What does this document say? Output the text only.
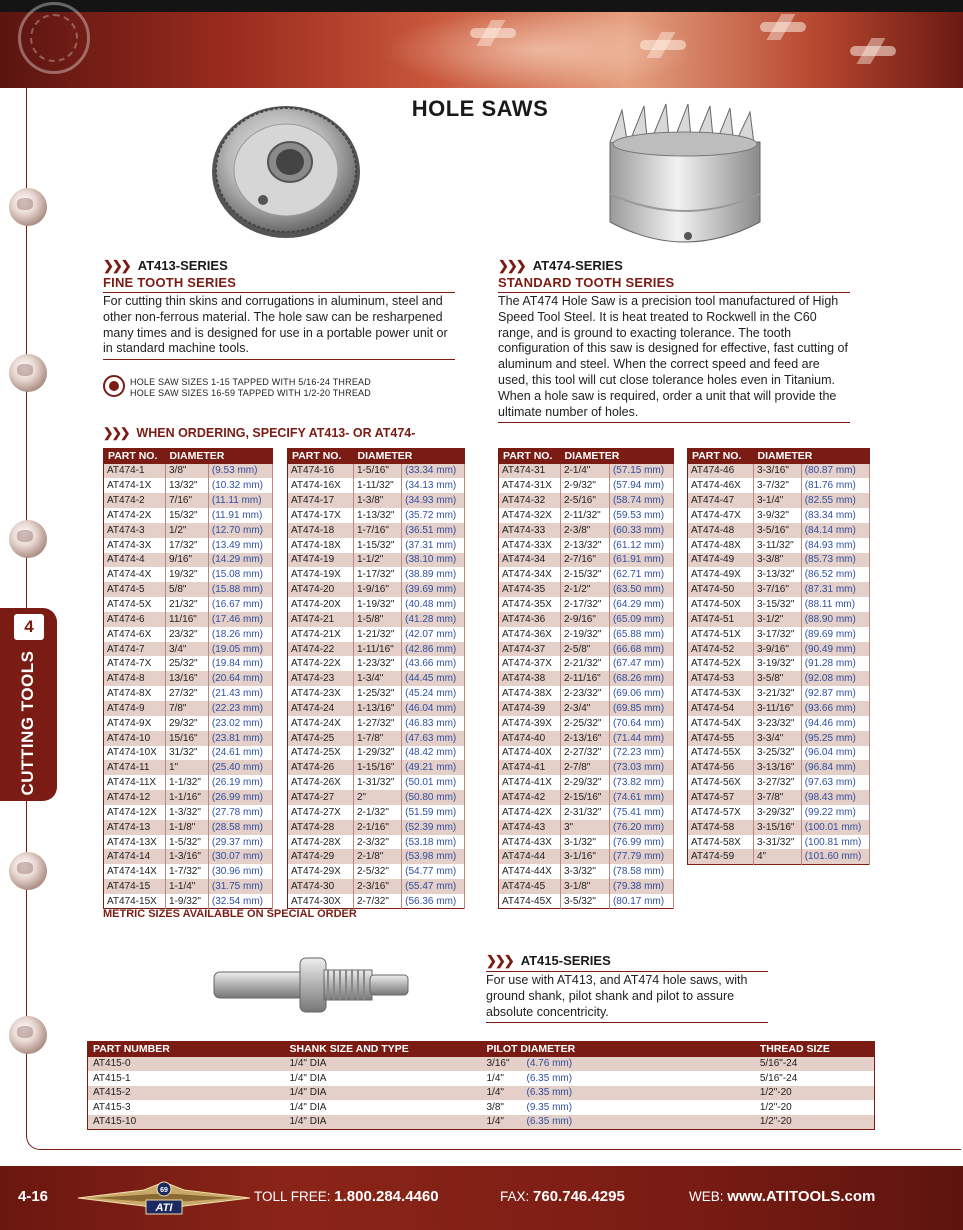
4
CUTTING TOOLS
HOLE SAWS
❯❯❯ AT413-SERIES
FINE TOOTH SERIES
For cutting thin skins and corrugations in aluminum, steel and other non-ferrous material. The hole saw can be resharpened many times and is designed for use in a portable power unit or in standard machine tools.
HOLE SAW SIZES 1-15 TAPPED WITH 5/16-24 THREAD
HOLE SAW SIZES 16-59 TAPPED WITH 1/2-20 THREAD
❯❯❯ AT474-SERIES
STANDARD TOOTH SERIES
The AT474 Hole Saw is a precision tool manufactured of High Speed Tool Steel. It is heat treated to Rockwell in the C60 range, and is ground to exacting tolerance. The tooth configuration of this saw is designed for effective, fast cutting of aluminum and steel. When the correct speed and feed are used, this tool will cut close tolerance holes even in Titanium. When a hole saw is required, order a unit that will provide the ultimate number of holes.
❯❯❯ WHEN ORDERING, SPECIFY AT413- OR AT474-
PART NO.	DIAMETER	
AT474-1	3/8"	(9.53 mm)
AT474-1X	13/32"	(10.32 mm)
AT474-2	7/16"	(11.11 mm)
AT474-2X	15/32"	(11.91 mm)
AT474-3	1/2"	(12.70 mm)
AT474-3X	17/32"	(13.49 mm)
AT474-4	9/16"	(14.29 mm)
AT474-4X	19/32"	(15.08 mm)
AT474-5	5/8"	(15.88 mm)
AT474-5X	21/32"	(16.67 mm)
AT474-6	11/16"	(17.46 mm)
AT474-6X	23/32"	(18.26 mm)
AT474-7	3/4"	(19.05 mm)
AT474-7X	25/32"	(19.84 mm)
AT474-8	13/16"	(20.64 mm)
AT474-8X	27/32"	(21.43 mm)
AT474-9	7/8"	(22.23 mm)
AT474-9X	29/32"	(23.02 mm)
AT474-10	15/16"	(23.81 mm)
AT474-10X	31/32"	(24.61 mm)
AT474-11	1"	(25.40 mm)
AT474-11X	1-1/32"	(26.19 mm)
AT474-12	1-1/16"	(26.99 mm)
AT474-12X	1-3/32"	(27.78 mm)
AT474-13	1-1/8"	(28.58 mm)
AT474-13X	1-5/32"	(29.37 mm)
AT474-14	1-3/16"	(30.07 mm)
AT474-14X	1-7/32"	(30.96 mm)
AT474-15	1-1/4"	(31.75 mm)
AT474-15X	1-9/32"	(32.54 mm)
PART NO.	DIAMETER	
AT474-16	1-5/16"	(33.34 mm)
AT474-16X	1-11/32"	(34.13 mm)
AT474-17	1-3/8"	(34.93 mm)
AT474-17X	1-13/32"	(35.72 mm)
AT474-18	1-7/16"	(36.51 mm)
AT474-18X	1-15/32"	(37.31 mm)
AT474-19	1-1/2"	(38.10 mm)
AT474-19X	1-17/32"	(38.89 mm)
AT474-20	1-9/16"	(39.69 mm)
AT474-20X	1-19/32"	(40.48 mm)
AT474-21	1-5/8"	(41.28 mm)
AT474-21X	1-21/32"	(42.07 mm)
AT474-22	1-11/16"	(42.86 mm)
AT474-22X	1-23/32"	(43.66 mm)
AT474-23	1-3/4"	(44.45 mm)
AT474-23X	1-25/32"	(45.24 mm)
AT474-24	1-13/16"	(46.04 mm)
AT474-24X	1-27/32"	(46.83 mm)
AT474-25	1-7/8"	(47.63 mm)
AT474-25X	1-29/32"	(48.42 mm)
AT474-26	1-15/16"	(49.21 mm)
AT474-26X	1-31/32"	(50.01 mm)
AT474-27	2"	(50.80 mm)
AT474-27X	2-1/32"	(51.59 mm)
AT474-28	2-1/16"	(52.39 mm)
AT474-28X	2-3/32"	(53.18 mm)
AT474-29	2-1/8"	(53.98 mm)
AT474-29X	2-5/32"	(54.77 mm)
AT474-30	2-3/16"	(55.47 mm)
AT474-30X	2-7/32"	(56.36 mm)
PART NO.	DIAMETER	
AT474-31	2-1/4"	(57.15 mm)
AT474-31X	2-9/32"	(57.94 mm)
AT474-32	2-5/16"	(58.74 mm)
AT474-32X	2-11/32"	(59.53 mm)
AT474-33	2-3/8"	(60.33 mm)
AT474-33X	2-13/32"	(61.12 mm)
AT474-34	2-7/16"	(61.91 mm)
AT474-34X	2-15/32"	(62.71 mm)
AT474-35	2-1/2"	(63.50 mm)
AT474-35X	2-17/32"	(64.29 mm)
AT474-36	2-9/16"	(65.09 mm)
AT474-36X	2-19/32"	(65.88 mm)
AT474-37	2-5/8"	(66.68 mm)
AT474-37X	2-21/32"	(67.47 mm)
AT474-38	2-11/16"	(68.26 mm)
AT474-38X	2-23/32"	(69.06 mm)
AT474-39	2-3/4"	(69.85 mm)
AT474-39X	2-25/32"	(70.64 mm)
AT474-40	2-13/16"	(71.44 mm)
AT474-40X	2-27/32"	(72.23 mm)
AT474-41	2-7/8"	(73.03 mm)
AT474-41X	2-29/32"	(73.82 mm)
AT474-42	2-15/16"	(74.61 mm)
AT474-42X	2-31/32"	(75.41 mm)
AT474-43	3"	(76.20 mm)
AT474-43X	3-1/32"	(76.99 mm)
AT474-44	3-1/16"	(77.79 mm)
AT474-44X	3-3/32"	(78.58 mm)
AT474-45	3-1/8"	(79.38 mm)
AT474-45X	3-5/32"	(80.17 mm)
PART NO.	DIAMETER	
AT474-46	3-3/16"	(80.87 mm)
AT474-46X	3-7/32"	(81.76 mm)
AT474-47	3-1/4"	(82.55 mm)
AT474-47X	3-9/32"	(83.34 mm)
AT474-48	3-5/16"	(84.14 mm)
AT474-48X	3-11/32"	(84.93 mm)
AT474-49	3-3/8"	(85.73 mm)
AT474-49X	3-13/32"	(86.52 mm)
AT474-50	3-7/16"	(87.31 mm)
AT474-50X	3-15/32"	(88.11 mm)
AT474-51	3-1/2"	(88.90 mm)
AT474-51X	3-17/32"	(89.69 mm)
AT474-52	3-9/16"	(90.49 mm)
AT474-52X	3-19/32"	(91.28 mm)
AT474-53	3-5/8"	(92.08 mm)
AT474-53X	3-21/32"	(92.87 mm)
AT474-54	3-11/16"	(93.66 mm)
AT474-54X	3-23/32"	(94.46 mm)
AT474-55	3-3/4"	(95.25 mm)
AT474-55X	3-25/32"	(96.04 mm)
AT474-56	3-13/16"	(96.84 mm)
AT474-56X	3-27/32"	(97.63 mm)
AT474-57	3-7/8"	(98.43 mm)
AT474-57X	3-29/32"	(99.22 mm)
AT474-58	3-15/16"	(100.01 mm)
AT474-58X	3-31/32"	(100.81 mm)
AT474-59	4"	(101.60 mm)
METRIC SIZES AVAILABLE ON SPECIAL ORDER
❯❯❯ AT415-SERIES
For use with AT413, and AT474 hole saws, with ground shank, pilot shank and pilot to assure absolute concentricity.
PART NUMBER	SHANK SIZE AND TYPE	PILOT DIAMETER		THREAD SIZE
AT415-0	1/4" DIA	3/16"	(4.76 mm)	5/16"-24
AT415-1	1/4" DIA	1/4"	(6.35 mm)	5/16"-24
AT415-2	1/4" DIA	1/4"	(6.35 mm)	1/2"-20
AT415-3	1/4" DIA	3/8"	(9.35 mm)	1/2"-20
AT415-10	1/4" DIA	1/4"	(6.35 mm)	1/2"-20
4-16	69
ATI
TOLL FREE: 1.800.284.4460	FAX: 760.746.4295	WEB: www.ATITOOLS.com
